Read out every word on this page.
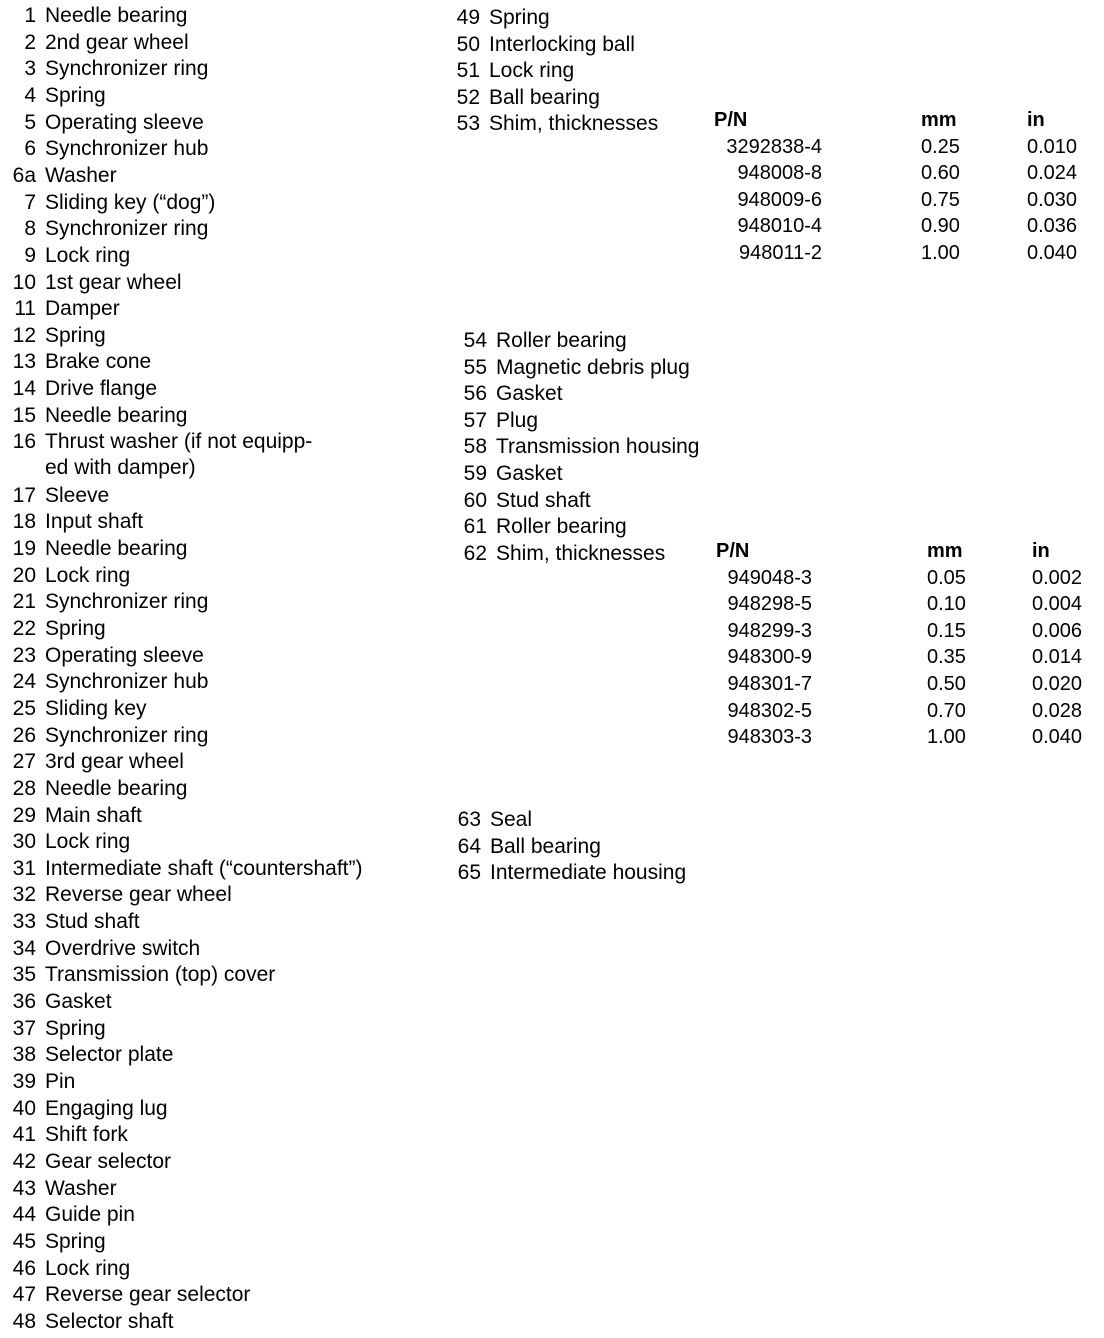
1 Needle bearing
2 2nd gear wheel
3 Synchronizer ring
4 Spring
5 Operating sleeve
6 Synchronizer hub
6a Washer
7 Sliding key (“dog”)
8 Synchronizer ring
9 Lock ring
10 1st gear wheel
11 Damper
12 Spring
13 Brake cone
14 Drive flange
15 Needle bearing
16 Thrust washer (if not equipp-
ed with damper)
17 Sleeve
18 Input shaft
19 Needle bearing
20 Lock ring
21 Synchronizer ring
22 Spring
23 Operating sleeve
24 Synchronizer hub
25 Sliding key
26 Synchronizer ring
27 3rd gear wheel
28 Needle bearing
29 Main shaft
30 Lock ring
31 Intermediate shaft (“countershaft”)
32 Reverse gear wheel
33 Stud shaft
34 Overdrive switch
35 Transmission (top) cover
36 Gasket
37 Spring
38 Selector plate
39 Pin
40 Engaging lug
41 Shift fork
42 Gear selector
43 Washer
44 Guide pin
45 Spring
46 Lock ring
47 Reverse gear selector
48 Selector shaft
49 Spring
50 Interlocking ball
51 Lock ring
52 Ball bearing
53 Shim, thicknesses	P/N	mm	in
3292838-4	0.25	0.010
948008-8	0.60	0.024
948009-6	0.75	0.030
948010-4	0.90	0.036
948011-2	1.00	0.040
54 Roller bearing
55 Magnetic debris plug
56 Gasket
57 Plug
58 Transmission housing
59 Gasket
60 Stud shaft
61 Roller bearing
62 Shim, thicknesses	P/N	mm	in
949048-3	0.05	0.002
948298-5	0.10	0.004
948299-3	0.15	0.006
948300-9	0.35	0.014
948301-7	0.50	0.020
948302-5	0.70	0.028
948303-3	1.00	0.040
63 Seal
64 Ball bearing
65 Intermediate housing
